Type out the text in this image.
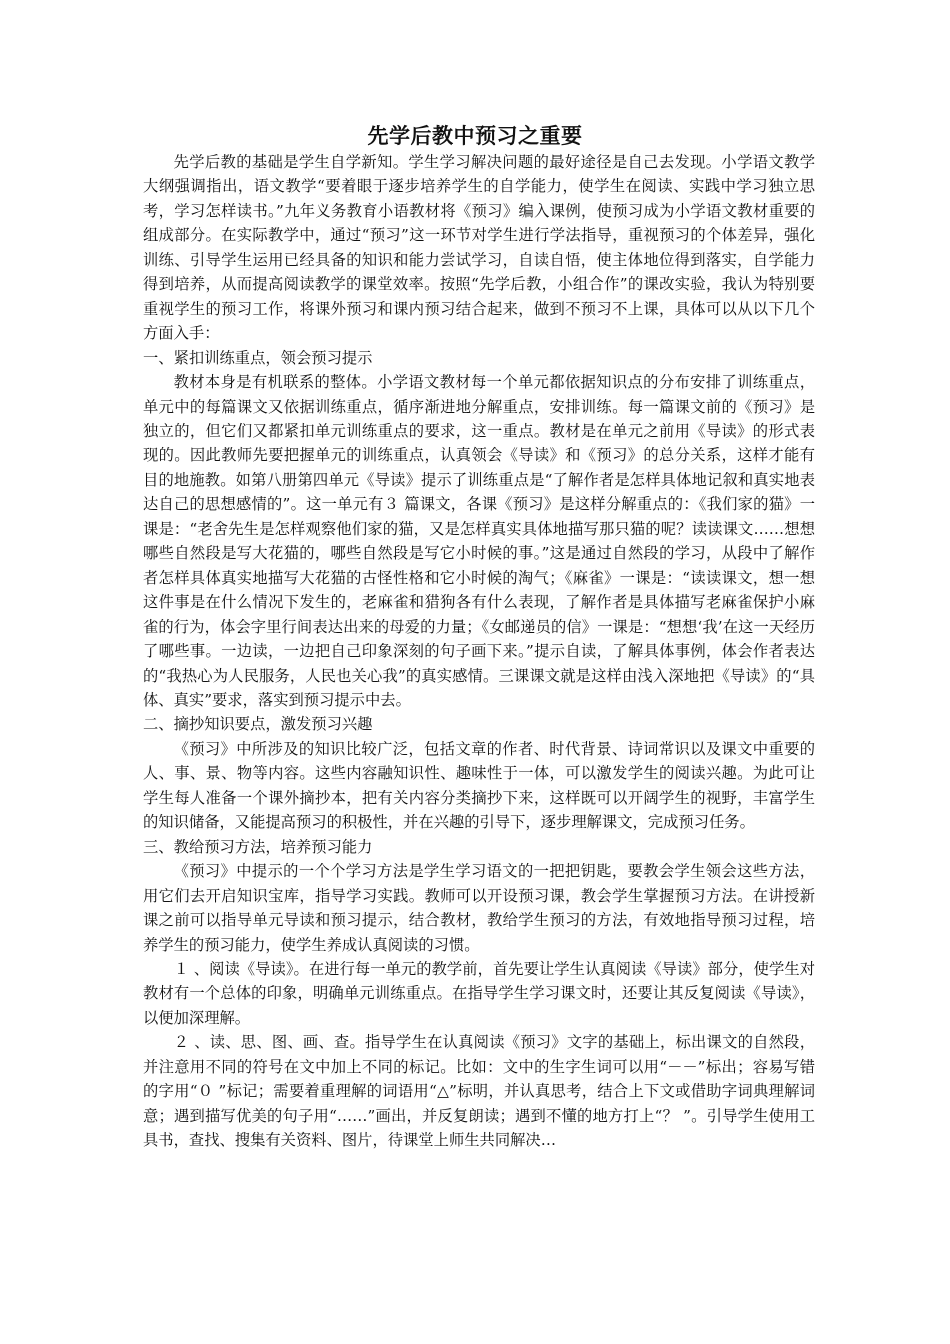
先学后教中预习之重要

先学后教的基础是学生自学新知。学生学习解决问题的最好途径是自己去发现。小学语文教学大纲强调指出，语文教学“要着眼于逐步培养学生的自学能力，使学生在阅读、实践中学习独立思考，学习怎样读书。”九年义务教育小语教材将《预习》编入课例，使预习成为小学语文教材重要的组成部分。在实际教学中，通过“预习”这一环节对学生进行学法指导，重视预习的个体差异，强化训练、引导学生运用已经具备的知识和能力尝试学习，自读自悟，使主体地位得到落实，自学能力得到培养，从而提高阅读教学的课堂效率。按照“先学后教，小组合作”的课改实验，我认为特别要重视学生的预习工作，将课外预习和课内预习结合起来，做到不预习不上课，具体可以从以下几个方面入手：

一、紧扣训练重点，领会预习提示

教材本身是有机联系的整体。小学语文教材每一个单元都依据知识点的分布安排了训练重点，单元中的每篇课文又依据训练重点，循序渐进地分解重点，安排训练。每一篇课文前的《预习》是独立的，但它们又都紧扣单元训练重点的要求，这一重点。教材是在单元之前用《导读》的形式表现的。因此教师先要把握单元的训练重点，认真领会《导读》和《预习》的总分关系，这样才能有目的地施教。如第八册第四单元《导读》提示了训练重点是“了解作者是怎样具体地记叙和真实地表达自己的思想感情的”。这一单元有３ 篇课文，各课《预习》是这样分解重点的：《我们家的猫》一课是：“老舍先生是怎样观察他们家的猫，又是怎样真实具体地描写那只猫的呢？读读课文……想想哪些自然段是写大花猫的，哪些自然段是写它小时候的事。”这是通过自然段的学习，从段中了解作者怎样具体真实地描写大花猫的古怪性格和它小时候的淘气；《麻雀》一课是：“读读课文，想一想这件事是在什么情况下发生的，老麻雀和猎狗各有什么表现，了解作者是具体描写老麻雀保护小麻雀的行为，体会字里行间表达出来的母爱的力量；《女邮递员的信》一课是：“想想‘我’在这一天经历了哪些事。一边读，一边把自己印象深刻的句子画下来。”提示自读，了解具体事例，体会作者表达的“我热心为人民服务，人民也关心我”的真实感情。三课课文就是这样由浅入深地把《导读》的“具体、真实”要求，落实到预习提示中去。

二、摘抄知识要点，激发预习兴趣

《预习》中所涉及的知识比较广泛，包括文章的作者、时代背景、诗词常识以及课文中重要的人、事、景、物等内容。这些内容融知识性、趣味性于一体，可以激发学生的阅读兴趣。为此可让学生每人准备一个课外摘抄本，把有关内容分类摘抄下来，这样既可以开阔学生的视野，丰富学生的知识储备，又能提高预习的积极性，并在兴趣的引导下，逐步理解课文，完成预习任务。

三、教给预习方法，培养预习能力

《预习》中提示的一个个学习方法是学生学习语文的一把把钥匙，要教会学生领会这些方法，用它们去开启知识宝库，指导学习实践。教师可以开设预习课，教会学生掌握预习方法。在讲授新课之前可以指导单元导读和预习提示，结合教材，教给学生预习的方法，有效地指导预习过程，培养学生的预习能力，使学生养成认真阅读的习惯。

１ 、阅读《导读》。在进行每一单元的教学前，首先要让学生认真阅读《导读》部分，使学生对教材有一个总体的印象，明确单元训练重点。在指导学生学习课文时，还要让其反复阅读《导读》，以便加深理解。

２ 、读、思、图、画、查。指导学生在认真阅读《预习》文字的基础上，标出课文的自然段，并注意用不同的符号在文中加上不同的标记。比如：文中的生字生词可以用“－－”标出；容易写错的字用“０ ”标记；需要着重理解的词语用“△”标明，并认真思考，结合上下文或借助字词典理解词意；遇到描写优美的句子用“……”画出，并反复朗读；遇到不懂的地方打上“？ ”。引导学生使用工具书，查找、搜集有关资料、图片，待课堂上师生共同解决…
